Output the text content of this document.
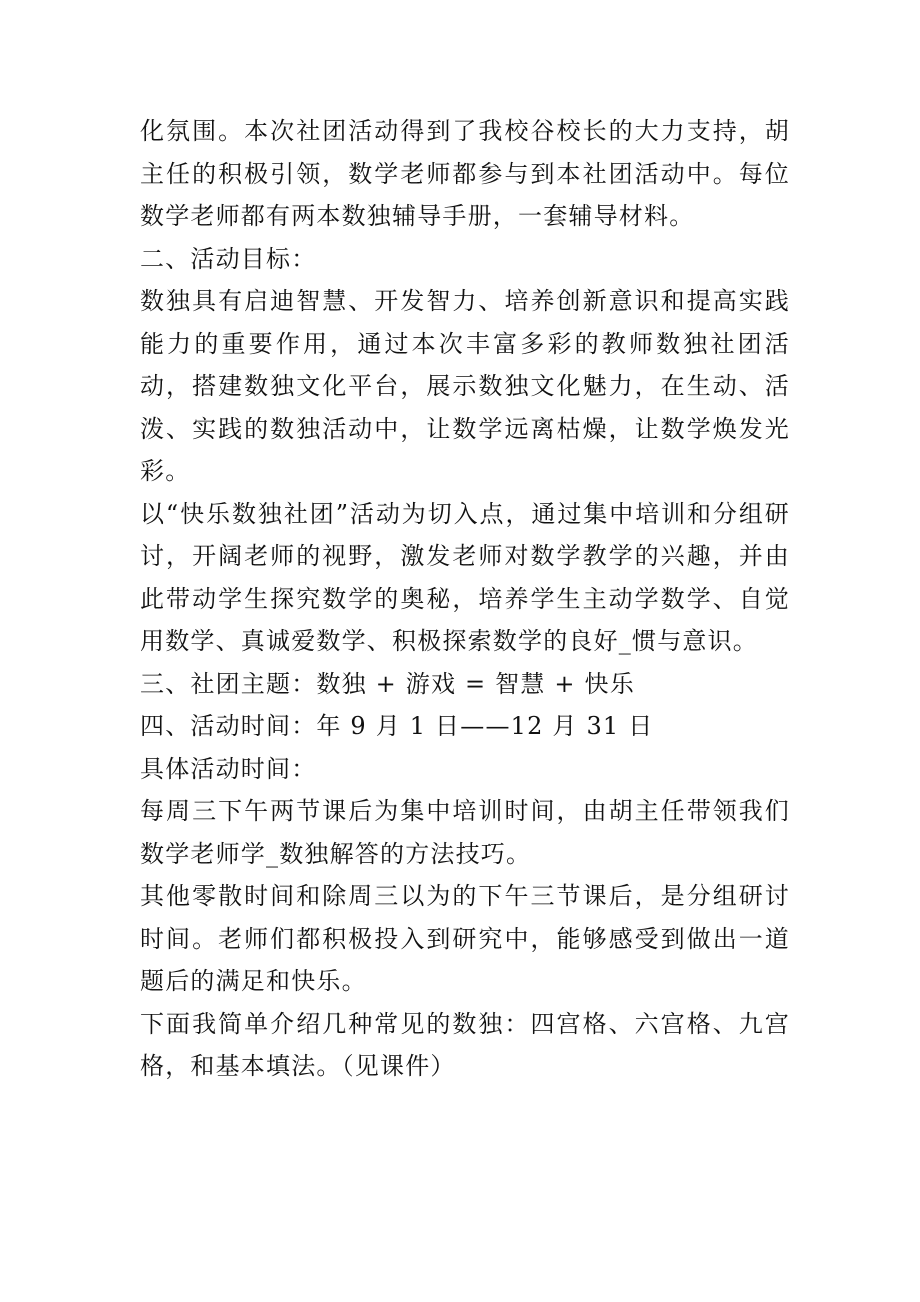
化氛围。本次社团活动得到了我校谷校长的大力支持，胡主任的积极引领，数学老师都参与到本社团活动中。每位数学老师都有两本数独辅导手册，一套辅导材料。

二、活动目标：

数独具有启迪智慧、开发智力、培养创新意识和提高实践能力的重要作用，通过本次丰富多彩的教师数独社团活动，搭建数独文化平台，展示数独文化魅力，在生动、活泼、实践的数独活动中，让数学远离枯燥，让数学焕发光彩。

以“快乐数独社团”活动为切入点，通过集中培训和分组研讨，开阔老师的视野，激发老师对数学教学的兴趣，并由此带动学生探究数学的奥秘，培养学生主动学数学、自觉用数学、真诚爱数学、积极探索数学的良好_惯与意识。

三、社团主题：数独 + 游戏 = 智慧 + 快乐

四、活动时间：年 9 月 1 日——12 月 31 日

具体活动时间：

每周三下午两节课后为集中培训时间，由胡主任带领我们数学老师学_数独解答的方法技巧。

其他零散时间和除周三以为的下午三节课后，是分组研讨时间。老师们都积极投入到研究中，能够感受到做出一道题后的满足和快乐。

下面我简单介绍几种常见的数独：四宫格、六宫格、九宫格，和基本填法。（见课件）
